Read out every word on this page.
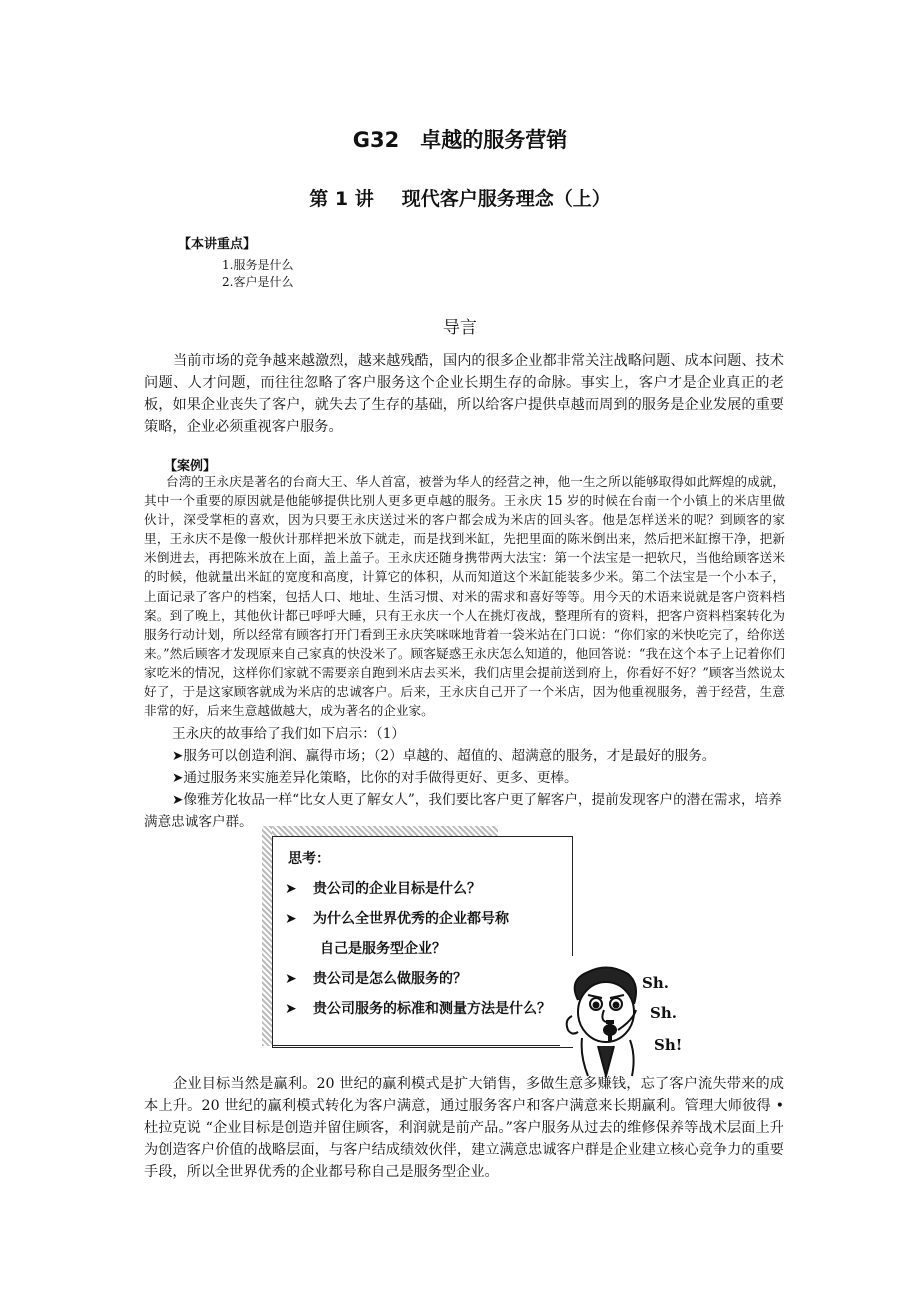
G32　卓越的服务营销
第 1 讲 现代客户服务理念（上）
【本讲重点】
1.服务是什么
2.客户是什么
导言
当前市场的竞争越来越激烈，越来越残酷，国内的很多企业都非常关注战略问题、成本问题、技术问题、人才问题，而往往忽略了客户服务这个企业长期生存的命脉。事实上，客户才是企业真正的老板，如果企业丧失了客户，就失去了生存的基础，所以给客户提供卓越而周到的服务是企业发展的重要策略，企业必须重视客户服务。
【案例】
台湾的王永庆是著名的台商大王、华人首富，被誉为华人的经营之神，他一生之所以能够取得如此辉煌的成就，其中一个重要的原因就是他能够提供比别人更多更卓越的服务。王永庆 15 岁的时候在台南一个小镇上的米店里做伙计，深受掌柜的喜欢，因为只要王永庆送过米的客户都会成为米店的回头客。他是怎样送米的呢？到顾客的家里，王永庆不是像一般伙计那样把米放下就走，而是找到米缸，先把里面的陈米倒出来，然后把米缸擦干净，把新米倒进去，再把陈米放在上面，盖上盖子。王永庆还随身携带两大法宝：第一个法宝是一把软尺，当他给顾客送米的时候，他就量出米缸的宽度和高度，计算它的体积，从而知道这个米缸能装多少米。第二个法宝是一个小本子，上面记录了客户的档案，包括人口、地址、生活习惯、对米的需求和喜好等等。用今天的术语来说就是客户资料档案。到了晚上，其他伙计都已呼呼大睡，只有王永庆一个人在挑灯夜战，整理所有的资料，把客户资料档案转化为服务行动计划，所以经常有顾客打开门看到王永庆笑咪咪地背着一袋米站在门口说：“你们家的米快吃完了，给你送来。”然后顾客才发现原来自己家真的快没米了。顾客疑惑王永庆怎么知道的，他回答说：“我在这个本子上记着你们家吃米的情况，这样你们家就不需要亲自跑到米店去买米，我们店里会提前送到府上，你看好不好？”顾客当然说太好了，于是这家顾客就成为米店的忠诚客户。后来，王永庆自己开了一个米店，因为他重视服务，善于经营，生意非常的好，后来生意越做越大，成为著名的企业家。
王永庆的故事给了我们如下启示：（1）
➤服务可以创造利润、赢得市场；（2）卓越的、超值的、超满意的服务，才是最好的服务。
➤通过服务来实施差异化策略，比你的对手做得更好、更多、更棒。
➤像雅芳化妆品一样“比女人更了解女人”，我们要比客户更了解客户，提前发现客户的潜在需求，培养满意忠诚客户群。
思考：
➤ 贵公司的企业目标是什么？
➤ 为什么全世界优秀的企业都号称
自己是服务型企业？
➤ 贵公司是怎么做服务的？
➤ 贵公司服务的标准和测量方法是什么？
Sh.
Sh.
Sh!
企业目标当然是赢利。20 世纪的赢利模式是扩大销售，多做生意多赚钱，忘了客户流失带来的成本上升。20 世纪的赢利模式转化为客户满意，通过服务客户和客户满意来长期赢利。管理大师彼得 • 杜拉克说 “企业目标是创造并留住顾客，利润就是前产品。”客户服务从过去的维修保养等战术层面上升为创造客户价值的战略层面，与客户结成绩效伙伴，建立满意忠诚客户群是企业建立核心竞争力的重要手段，所以全世界优秀的企业都号称自己是服务型企业。
